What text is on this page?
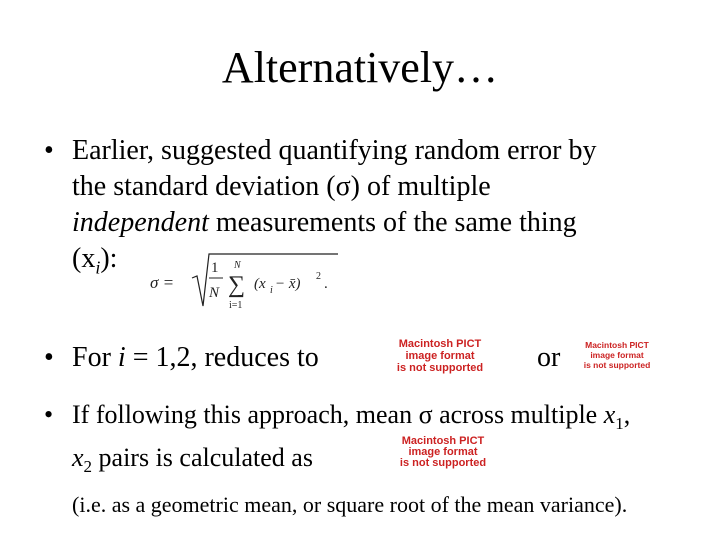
Alternatively…
• Earlier, suggested quantifying random error by
the standard deviation (σ) of multiple
independent measurements of the same thing
$(x_i)$:
σ =
1
N
N
∑
i=1
(x i − x̄) 2 .
• For i = 1,2, reduces to	Macintosh PICT
image format
is not supported	or	Macintosh PICT
image format
is not supported
• If following this approach, mean σ across multiple $x_1$,
$x_2$ pairs is calculated as
Macintosh PICT
image format
is not supported
(i.e. as a geometric mean, or square root of the mean variance).
